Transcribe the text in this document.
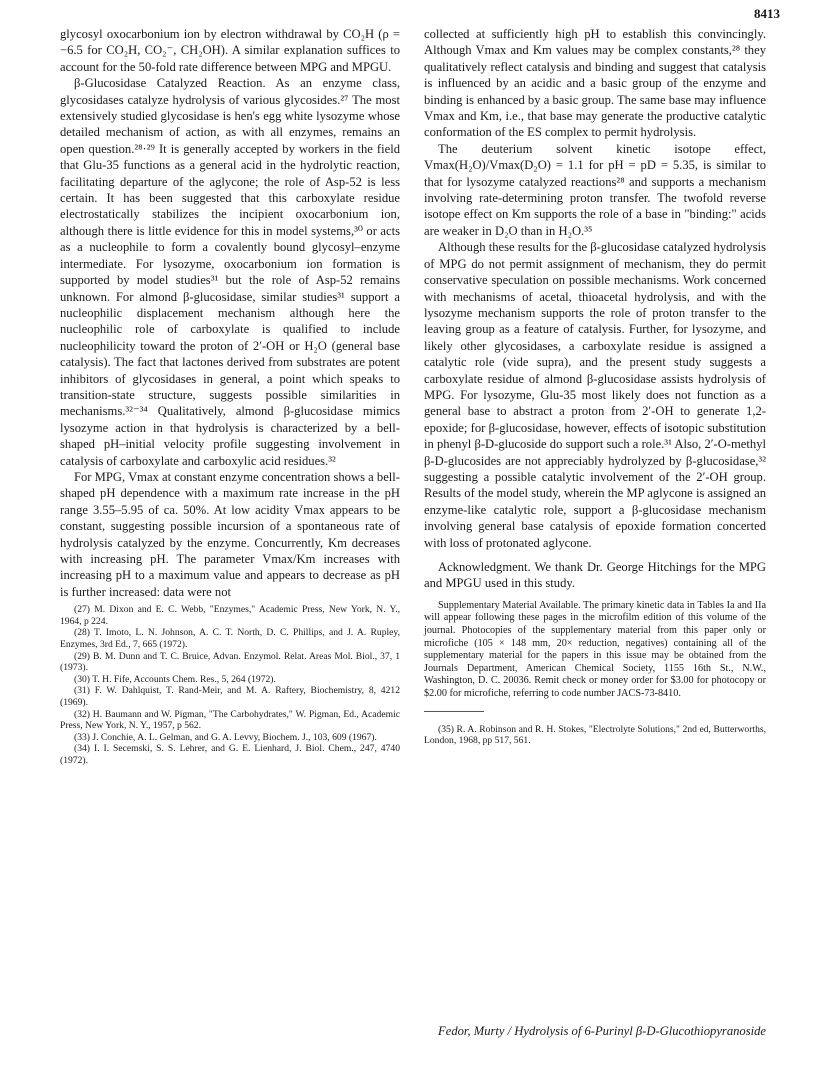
8413

glycosyl oxocarbonium ion by electron withdrawal by CO₂H (ρ = −6.5 for CO₂H, CO₂⁻, CH₂OH). A similar explanation suffices to account for the 50-fold rate difference between MPG and MPGU.

β-Glucosidase Catalyzed Reaction. As an enzyme class, glycosidases catalyze hydrolysis of various glycosides.²⁷ The most extensively studied glycosidase is hen's egg white lysozyme whose detailed mechanism of action, as with all enzymes, remains an open question.²⁸·²⁹ It is generally accepted by workers in the field that Glu-35 functions as a general acid in the hydrolytic reaction, facilitating departure of the aglycone; the role of Asp-52 is less certain. It has been suggested that this carboxylate residue electrostatically stabilizes the incipient oxocarbonium ion, although there is little evidence for this in model systems,³⁰ or acts as a nucleophile to form a covalently bound glycosyl–enzyme intermediate. For lysozyme, oxocarbonium ion formation is supported by model studies³¹ but the role of Asp-52 remains unknown. For almond β-glucosidase, similar studies³¹ support a nucleophilic displacement mechanism although here the nucleophilic role of carboxylate is qualified to include nucleophilicity toward the proton of 2′-OH or H₂O (general base catalysis). The fact that lactones derived from substrates are potent inhibitors of glycosidases in general, a point which speaks to transition-state structure, suggests possible similarities in mechanisms.³²⁻³⁴ Qualitatively, almond β-glucosidase mimics lysozyme action in that hydrolysis is characterized by a bell-shaped pH–initial velocity profile suggesting involvement in catalysis of carboxylate and carboxylic acid residues.³²

For MPG, Vmax at constant enzyme concentration shows a bell-shaped pH dependence with a maximum rate increase in the pH range 3.55–5.95 of ca. 50%. At low acidity Vmax appears to be constant, suggesting possible incursion of a spontaneous rate of hydrolysis catalyzed by the enzyme. Concurrently, Km decreases with increasing pH. The parameter Vmax/Km increases with increasing pH to a maximum value and appears to decrease as pH is further increased: data were not

(27) M. Dixon and E. C. Webb, "Enzymes," Academic Press, New York, N. Y., 1964, p 224.

(28) T. Imoto, L. N. Johnson, A. C. T. North, D. C. Phillips, and J. A. Rupley, Enzymes, 3rd Ed., 7, 665 (1972).

(29) B. M. Dunn and T. C. Bruice, Advan. Enzymol. Relat. Areas Mol. Biol., 37, 1 (1973).

(30) T. H. Fife, Accounts Chem. Res., 5, 264 (1972).

(31) F. W. Dahlquist, T. Rand-Meir, and M. A. Raftery, Biochemistry, 8, 4212 (1969).

(32) H. Baumann and W. Pigman, "The Carbohydrates," W. Pigman, Ed., Academic Press, New York, N. Y., 1957, p 562.

(33) J. Conchie, A. L. Gelman, and G. A. Levvy, Biochem. J., 103, 609 (1967).

(34) I. I. Secemski, S. S. Lehrer, and G. E. Lienhard, J. Biol. Chem., 247, 4740 (1972).

collected at sufficiently high pH to establish this convincingly. Although Vmax and Km values may be complex constants,²⁸ they qualitatively reflect catalysis and binding and suggest that catalysis is influenced by an acidic and a basic group of the enzyme and binding is enhanced by a basic group. The same base may influence Vmax and Km, i.e., that base may generate the productive catalytic conformation of the ES complex to permit hydrolysis.

The deuterium solvent kinetic isotope effect, Vmax(H₂O)/Vmax(D₂O) = 1.1 for pH = pD = 5.35, is similar to that for lysozyme catalyzed reactions²⁸ and supports a mechanism involving rate-determining proton transfer. The twofold reverse isotope effect on Km supports the role of a base in "binding:" acids are weaker in D₂O than in H₂O.³⁵

Although these results for the β-glucosidase catalyzed hydrolysis of MPG do not permit assignment of mechanism, they do permit conservative speculation on possible mechanisms. Work concerned with mechanisms of acetal, thioacetal hydrolysis, and with the lysozyme mechanism supports the role of proton transfer to the leaving group as a feature of catalysis. Further, for lysozyme, and likely other glycosidases, a carboxylate residue is assigned a catalytic role (vide supra), and the present study suggests a carboxylate residue of almond β-glucosidase assists hydrolysis of MPG. For lysozyme, Glu-35 most likely does not function as a general base to abstract a proton from 2′-OH to generate 1,2-epoxide; for β-glucosidase, however, effects of isotopic substitution in phenyl β-D-glucoside do support such a role.³¹ Also, 2′-O-methyl β-D-glucosides are not appreciably hydrolyzed by β-glucosidase,³² suggesting a possible catalytic involvement of the 2′-OH group. Results of the model study, wherein the MP aglycone is assigned an enzyme-like catalytic role, support a β-glucosidase mechanism involving general base catalysis of epoxide formation concerted with loss of protonated aglycone.

Acknowledgment. We thank Dr. George Hitchings for the MPG and MPGU used in this study.

Supplementary Material Available. The primary kinetic data in Tables Ia and IIa will appear following these pages in the microfilm edition of this volume of the journal. Photocopies of the supplementary material from this paper only or microfiche (105 × 148 mm, 20× reduction, negatives) containing all of the supplementary material for the papers in this issue may be obtained from the Journals Department, American Chemical Society, 1155 16th St., N.W., Washington, D. C. 20036. Remit check or money order for $3.00 for photocopy or $2.00 for microfiche, referring to code number JACS-73-8410.

(35) R. A. Robinson and R. H. Stokes, "Electrolyte Solutions," 2nd ed, Butterworths, London, 1968, pp 517, 561.

Fedor, Murty / Hydrolysis of 6-Purinyl β-D-Glucothiopyranoside
